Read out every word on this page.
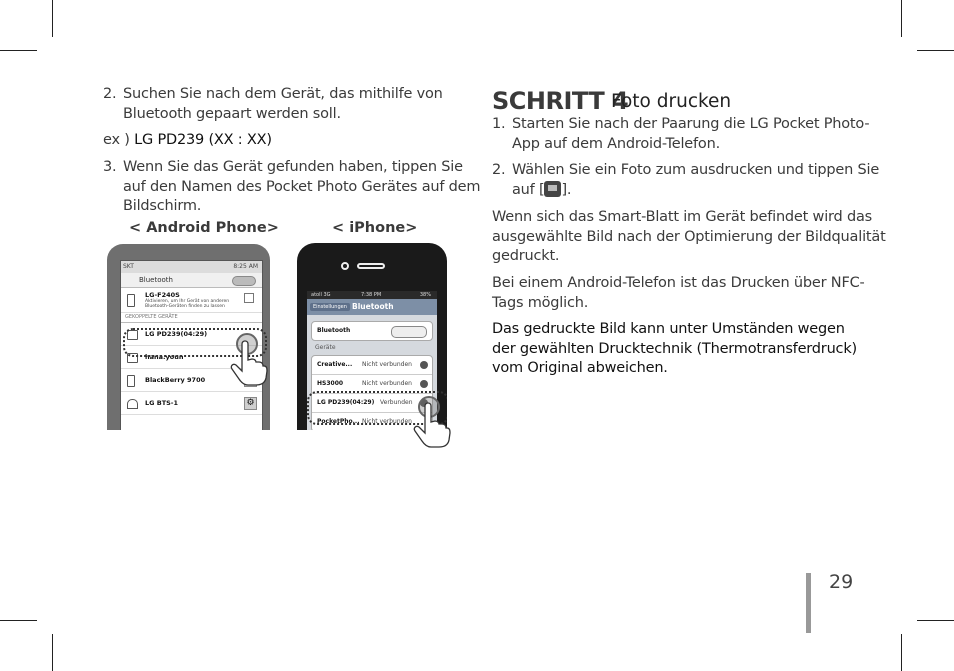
2. Suchen Sie nach dem Gerät, das mithilfe von
Bluetooth gepaart werden soll.
ex ) LG PD239 (XX : XX)
3. Wenn Sie das Gerät gefunden haben, tippen Sie
auf den Namen des Pocket Photo Gerätes auf dem
Bildschirm.
< Android Phone>	< iPhone>
SKT	8:25 AM
Bluetooth
LG-F240S
Aktivieren, um Ihr Gerät von anderen
Bluetooth-Geräten finden zu lassen
GEKOPPELTE GERÄTE
LG PD239(04:29)
hana.youn
BlackBerry 9700
LG BTS-1	⚙
atoll 3G	7:38 PM	38%
Einstellungen Bluetooth
Bluetooth
Geräte
Creative... Nicht verbunden
HS3000	Nicht verbunden
LG PD239(04:29) Verbunden
PocketPho... Nicht verbunden
SCHRITT 4
Foto drucken
1. Starten Sie nach der Paarung die LG Pocket Photo-
App auf dem Android-Telefon.
2. Wählen Sie ein Foto zum ausdrucken und tippen Sie
auf [ ].
Wenn sich das Smart-Blatt im Gerät befindet wird das
ausgewählte Bild nach der Optimierung der Bildqualität
gedruckt.
Bei einem Android-Telefon ist das Drucken über NFC-
Tags möglich.
Das gedruckte Bild kann unter Umständen wegen
der gewählten Drucktechnik (Thermotransferdruck)
vom Original abweichen.
29
